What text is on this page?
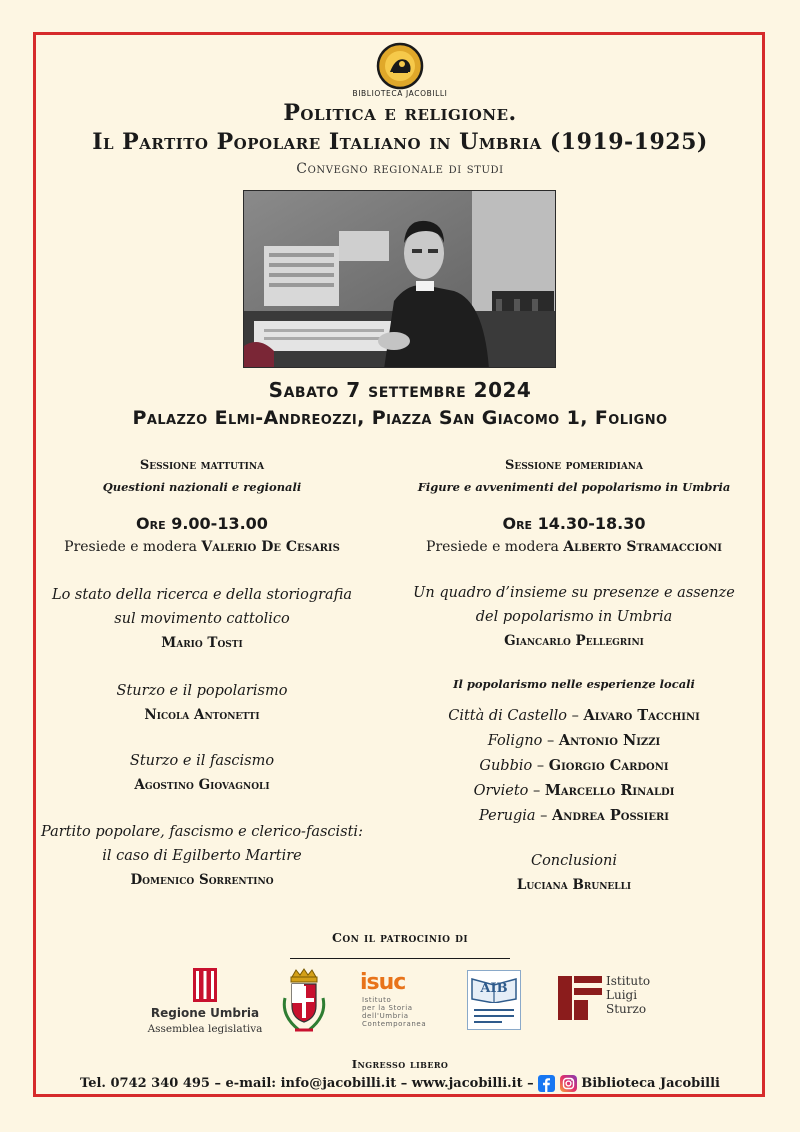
BIBLIOTECA JACOBILLI
Politica e religione.
Il Partito Popolare Italiano in Umbria (1919-1925)
Convegno regionale di studi
Sabato 7 settembre 2024
Palazzo Elmi-Andreozzi, Piazza San Giacomo 1, Foligno
Sessione mattutina
Questioni nazionali e regionali
Ore 9.00-13.00
Presiede e modera Valerio De Cesaris
Lo stato della ricerca e della storiografia
sul movimento cattolico
Mario Tosti
Sturzo e il popolarismo
Nicola Antonetti
Sturzo e il fascismo
Agostino Giovagnoli
Partito popolare, fascismo e clerico-fascisti:
il caso di Egilberto Martire
Domenico Sorrentino
Sessione pomeridiana
Figure e avvenimenti del popolarismo in Umbria
Ore 14.30-18.30
Presiede e modera Alberto Stramaccioni
Un quadro d’insieme su presenze e assenze
del popolarismo in Umbria
Giancarlo Pellegrini
Il popolarismo nelle esperienze locali
Città di Castello – Alvaro Tacchini
Foligno – Antonio Nizzi
Gubbio – Giorgio Cardoni
Orvieto – Marcello Rinaldi
Perugia – Andrea Possieri
Conclusioni
Luciana Brunelli
Con il patrocinio di
Regione Umbria
Assemblea legislativa
isuc
Istituto
per la Storia
dell'Umbria
Contemporanea
AIB	Istituto
Luigi
Sturzo
Ingresso libero
Tel. 0742 340 495 – e-mail: info@jacobilli.it – www.jacobilli.it –	Biblioteca Jacobilli
